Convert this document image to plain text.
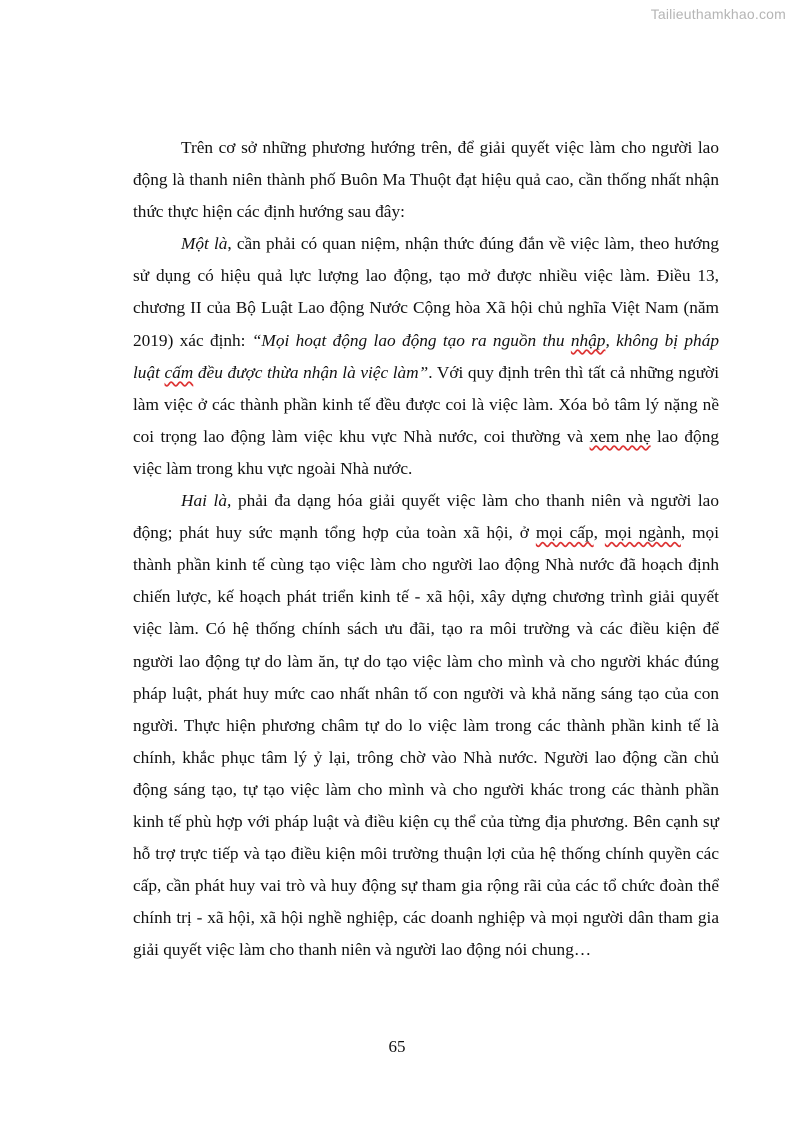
Tailieuthamkhao.com

Trên cơ sở những phương hướng trên, để giải quyết việc làm cho người lao động là thanh niên thành phố Buôn Ma Thuột đạt hiệu quả cao, cần thống nhất nhận thức thực hiện các định hướng sau đây:

Một là, cần phải có quan niệm, nhận thức đúng đắn về việc làm, theo hướng sử dụng có hiệu quả lực lượng lao động, tạo mở được nhiều việc làm. Điều 13, chương II của Bộ Luật Lao động Nước Cộng hòa Xã hội chủ nghĩa Việt Nam (năm 2019) xác định: “Mọi hoạt động lao động tạo ra nguồn thu nhập, không bị pháp luật cấm đều được thừa nhận là việc làm”. Với quy định trên thì tất cả những người làm việc ở các thành phần kinh tế đều được coi là việc làm. Xóa bỏ tâm lý nặng nề coi trọng lao động làm việc khu vực Nhà nước, coi thường và xem nhẹ lao động việc làm trong khu vực ngoài Nhà nước.

Hai là, phải đa dạng hóa giải quyết việc làm cho thanh niên và người lao động; phát huy sức mạnh tổng hợp của toàn xã hội, ở mọi cấp, mọi ngành, mọi thành phần kinh tế cùng tạo việc làm cho người lao động Nhà nước đã hoạch định chiến lược, kế hoạch phát triển kinh tế - xã hội, xây dựng chương trình giải quyết việc làm. Có hệ thống chính sách ưu đãi, tạo ra môi trường và các điều kiện để người lao động tự do làm ăn, tự do tạo việc làm cho mình và cho người khác đúng pháp luật, phát huy mức cao nhất nhân tố con người và khả năng sáng tạo của con người. Thực hiện phương châm tự do lo việc làm trong các thành phần kinh tế là chính, khắc phục tâm lý ỷ lại, trông chờ vào Nhà nước. Người lao động cần chủ động sáng tạo, tự tạo việc làm cho mình và cho người khác trong các thành phần kinh tế phù hợp với pháp luật và điều kiện cụ thể của từng địa phương. Bên cạnh sự hỗ trợ trực tiếp và tạo điều kiện môi trường thuận lợi của hệ thống chính quyền các cấp, cần phát huy vai trò và huy động sự tham gia rộng rãi của các tổ chức đoàn thể chính trị - xã hội, xã hội nghề nghiệp, các doanh nghiệp và mọi người dân tham gia giải quyết việc làm cho thanh niên và người lao động nói chung…

65
